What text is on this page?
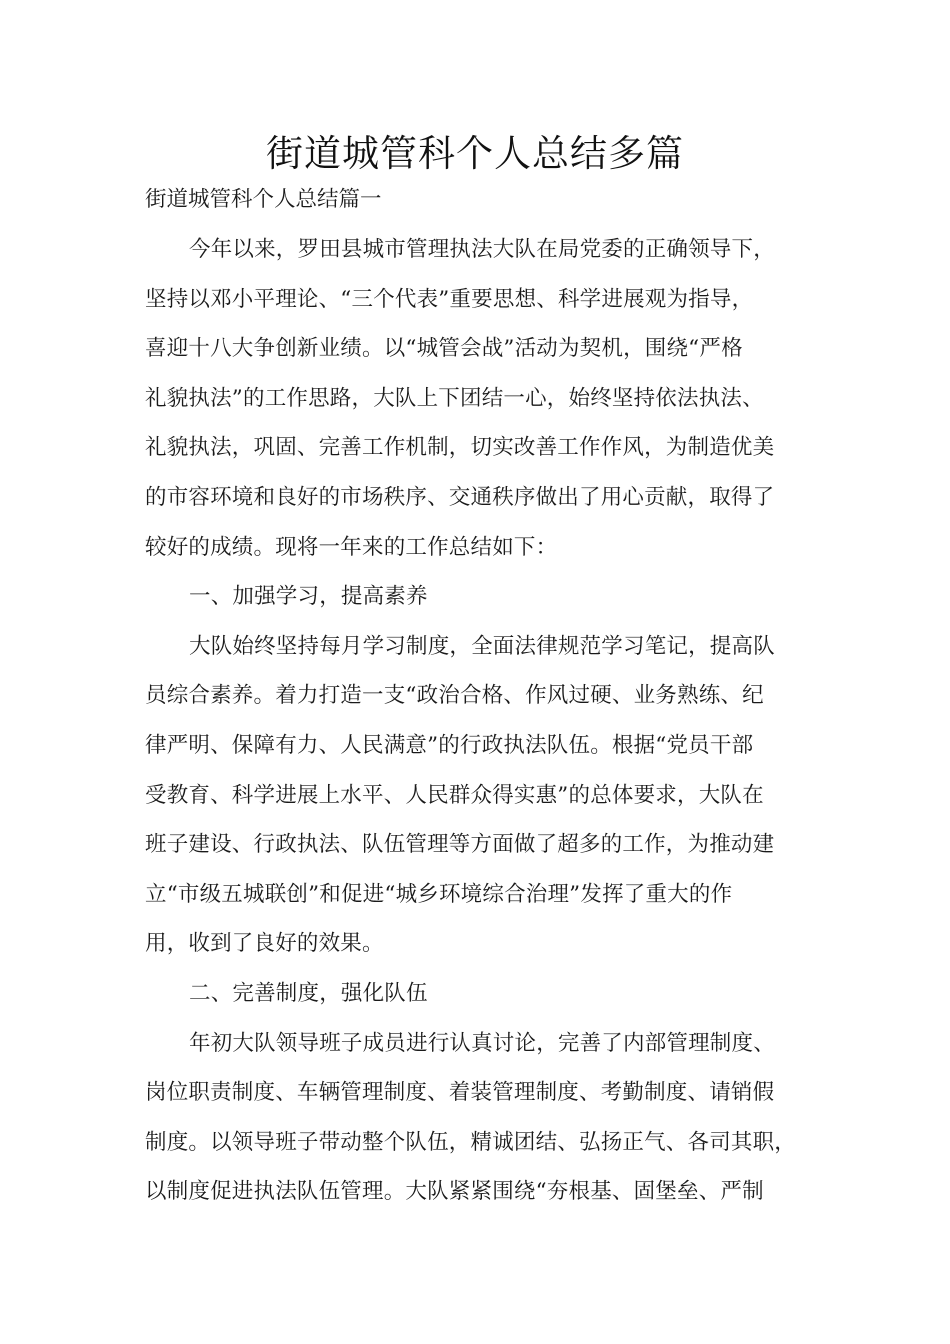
街道城管科个人总结多篇
街道城管科个人总结篇一
今年以来，罗田县城市管理执法大队在局党委的正确领导下，
坚持以邓小平理论、“三个代表”重要思想、科学进展观为指导，
喜迎十八大争创新业绩。以“城管会战”活动为契机，围绕“严格
礼貌执法”的工作思路，大队上下团结一心，始终坚持依法执法、
礼貌执法，巩固、完善工作机制，切实改善工作作风，为制造优美
的市容环境和良好的市场秩序、交通秩序做出了用心贡献，取得了
较好的成绩。现将一年来的工作总结如下：
一、加强学习，提高素养
大队始终坚持每月学习制度，全面法律规范学习笔记，提高队
员综合素养。着力打造一支“政治合格、作风过硬、业务熟练、纪
律严明、保障有力、人民满意”的行政执法队伍。根据“党员干部
受教育、科学进展上水平、人民群众得实惠”的总体要求，大队在
班子建设、行政执法、队伍管理等方面做了超多的工作，为推动建
立“市级五城联创”和促进“城乡环境综合治理”发挥了重大的作
用，收到了良好的效果。
二、完善制度，强化队伍
年初大队领导班子成员进行认真讨论，完善了内部管理制度、
岗位职责制度、车辆管理制度、着装管理制度、考勤制度、请销假
制度。以领导班子带动整个队伍，精诚团结、弘扬正气、各司其职，
以制度促进执法队伍管理。大队紧紧围绕“夯根基、固堡垒、严制
